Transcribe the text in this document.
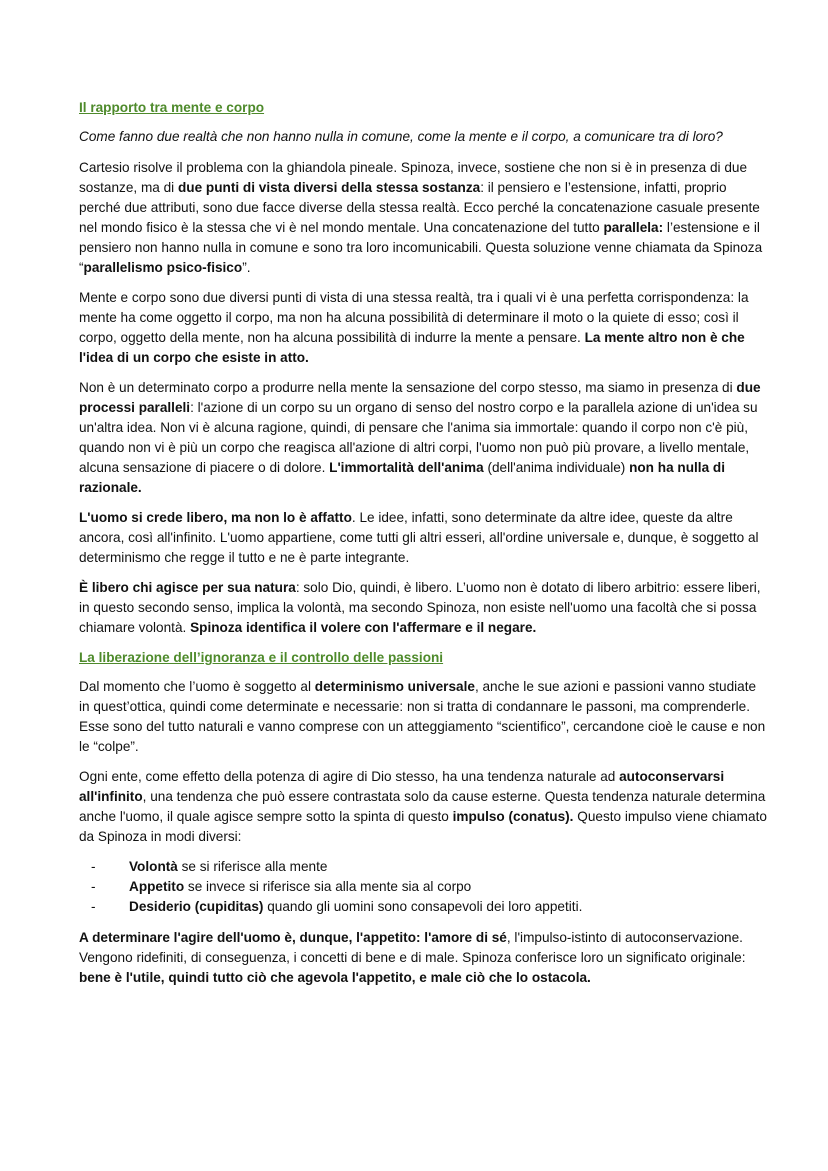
Il rapporto tra mente e corpo

Come fanno due realtà che non hanno nulla in comune, come la mente e il corpo, a comunicare tra di loro?

Cartesio risolve il problema con la ghiandola pineale. Spinoza, invece, sostiene che non si è in presenza di due sostanze, ma di due punti di vista diversi della stessa sostanza: il pensiero e l’estensione, infatti, proprio perché due attributi, sono due facce diverse della stessa realtà. Ecco perché la concatenazione casuale presente nel mondo fisico è la stessa che vi è nel mondo mentale. Una concatenazione del tutto parallela: l’estensione e il pensiero non hanno nulla in comune e sono tra loro incomunicabili. Questa soluzione venne chiamata da Spinoza “parallelismo psico-fisico”.

Mente e corpo sono due diversi punti di vista di una stessa realtà, tra i quali vi è una perfetta corrispondenza: la mente ha come oggetto il corpo, ma non ha alcuna possibilità di determinare il moto o la quiete di esso; così il corpo, oggetto della mente, non ha alcuna possibilità di indurre la mente a pensare. La mente altro non è che l'idea di un corpo che esiste in atto.

Non è un determinato corpo a produrre nella mente la sensazione del corpo stesso, ma siamo in presenza di due processi paralleli: l'azione di un corpo su un organo di senso del nostro corpo e la parallela azione di un'idea su un'altra idea. Non vi è alcuna ragione, quindi, di pensare che l'anima sia immortale: quando il corpo non c'è più, quando non vi è più un corpo che reagisca all'azione di altri corpi, l'uomo non può più provare, a livello mentale, alcuna sensazione di piacere o di dolore. L'immortalità dell'anima (dell'anima individuale) non ha nulla di razionale.

L'uomo si crede libero, ma non lo è affatto. Le idee, infatti, sono determinate da altre idee, queste da altre ancora, così all'infinito. L'uomo appartiene, come tutti gli altri esseri, all'ordine universale e, dunque, è soggetto al determinismo che regge il tutto e ne è parte integrante.

È libero chi agisce per sua natura: solo Dio, quindi, è libero. L’uomo non è dotato di libero arbitrio: essere liberi, in questo secondo senso, implica la volontà, ma secondo Spinoza, non esiste nell'uomo una facoltà che si possa chiamare volontà. Spinoza identifica il volere con l'affermare e il negare.

La liberazione dell’ignoranza e il controllo delle passioni

Dal momento che l’uomo è soggetto al determinismo universale, anche le sue azioni e passioni vanno studiate in quest’ottica, quindi come determinate e necessarie: non si tratta di condannare le passoni, ma comprenderle. Esse sono del tutto naturali e vanno comprese con un atteggiamento “scientifico”, cercandone cioè le cause e non le “colpe”.

Ogni ente, come effetto della potenza di agire di Dio stesso, ha una tendenza naturale ad autoconservarsi all'infinito, una tendenza che può essere contrastata solo da cause esterne. Questa tendenza naturale determina anche l'uomo, il quale agisce sempre sotto la spinta di questo impulso (conatus). Questo impulso viene chiamato da Spinoza in modi diversi:

- Volontà se si riferisce alla mente
- Appetito se invece si riferisce sia alla mente sia al corpo
- Desiderio (cupiditas) quando gli uomini sono consapevoli dei loro appetiti.

A determinare l'agire dell'uomo è, dunque, l'appetito: l'amore di sé, l'impulso-istinto di autoconservazione. Vengono ridefiniti, di conseguenza, i concetti di bene e di male. Spinoza conferisce loro un significato originale: bene è l'utile, quindi tutto ciò che agevola l'appetito, e male ciò che lo ostacola.
